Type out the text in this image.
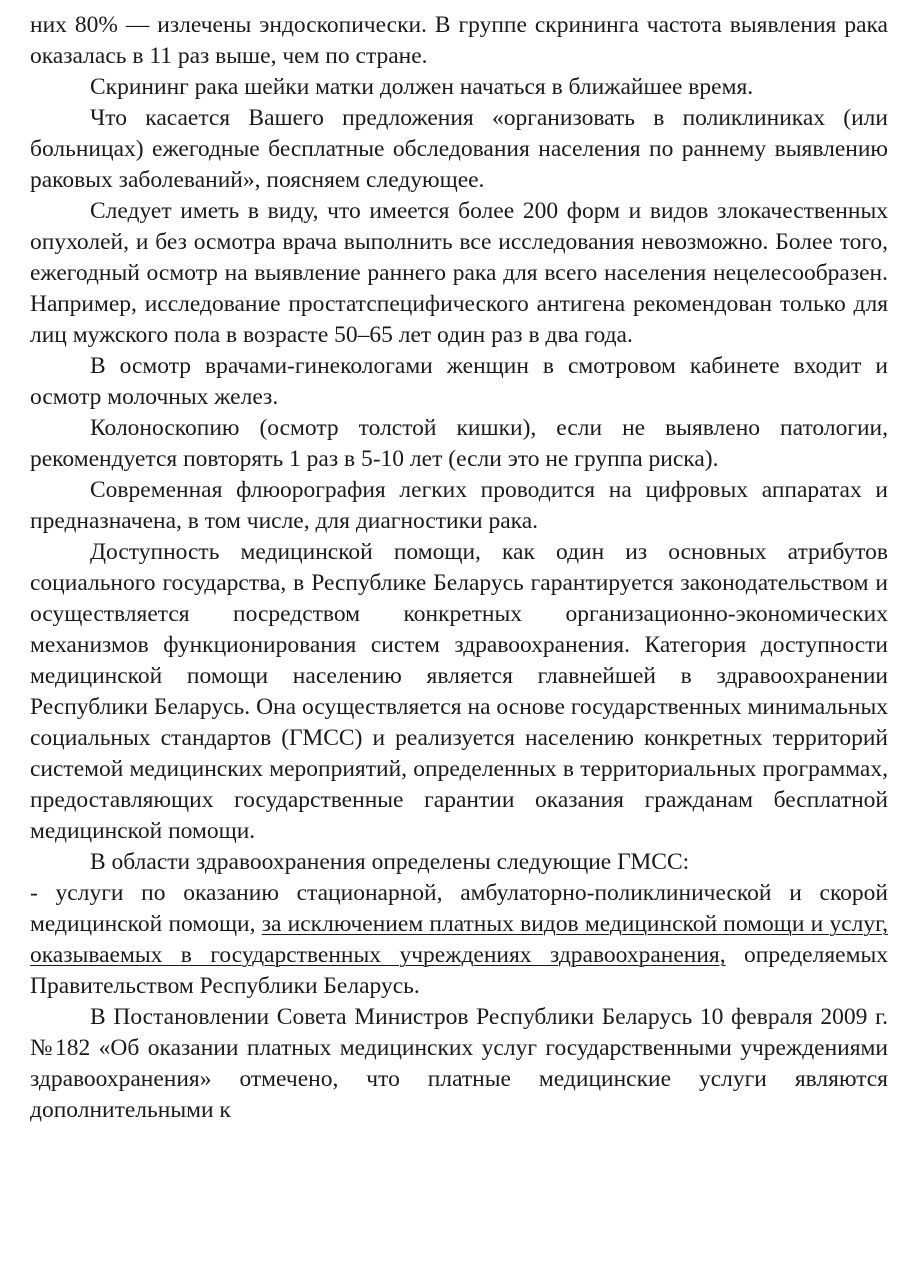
них 80% — излечены эндоскопически. В группе скрининга частота выявления рака оказалась в 11 раз выше, чем по стране.

Скрининг рака шейки матки должен начаться в ближайшее время.

Что касается Вашего предложения «организовать в поликлиниках (или больницах) ежегодные бесплатные обследования населения по раннему выявлению раковых заболеваний», поясняем следующее.

Следует иметь в виду, что имеется более 200 форм и видов злокачественных опухолей, и без осмотра врача выполнить все исследования невозможно. Более того, ежегодный осмотр на выявление раннего рака для всего населения нецелесообразен. Например, исследование простатспецифического антигена рекомендован только для лиц мужского пола в возрасте 50–65 лет один раз в два года.

В осмотр врачами-гинекологами женщин в смотровом кабинете входит и осмотр молочных желез.

Колоноскопию (осмотр толстой кишки), если не выявлено патологии, рекомендуется повторять 1 раз в 5-10 лет (если это не группа риска).

Современная флюорография легких проводится на цифровых аппаратах и предназначена, в том числе, для диагностики рака.

Доступность медицинской помощи, как один из основных атрибутов социального государства, в Республике Беларусь гарантируется законодательством и осуществляется посредством конкретных организационно-экономических механизмов функционирования систем здравоохранения. Категория доступности медицинской помощи населению является главнейшей в здравоохранении Республики Беларусь. Она осуществляется на основе государственных минимальных социальных стандартов (ГМСС) и реализуется населению конкретных территорий системой медицинских мероприятий, определенных в территориальных программах, предоставляющих государственные гарантии оказания гражданам бесплатной медицинской помощи.

В области здравоохранения определены следующие ГМСС:

- услуги по оказанию стационарной, амбулаторно-поликлинической и скорой медицинской помощи, за исключением платных видов медицинской помощи и услуг, оказываемых в государственных учреждениях здравоохранения, определяемых Правительством Республики Беларусь.

В Постановлении Совета Министров Республики Беларусь 10 февраля 2009 г. №182 «Об оказании платных медицинских услуг государственными учреждениями здравоохранения» отмечено, что платные медицинские услуги являются дополнительными к
